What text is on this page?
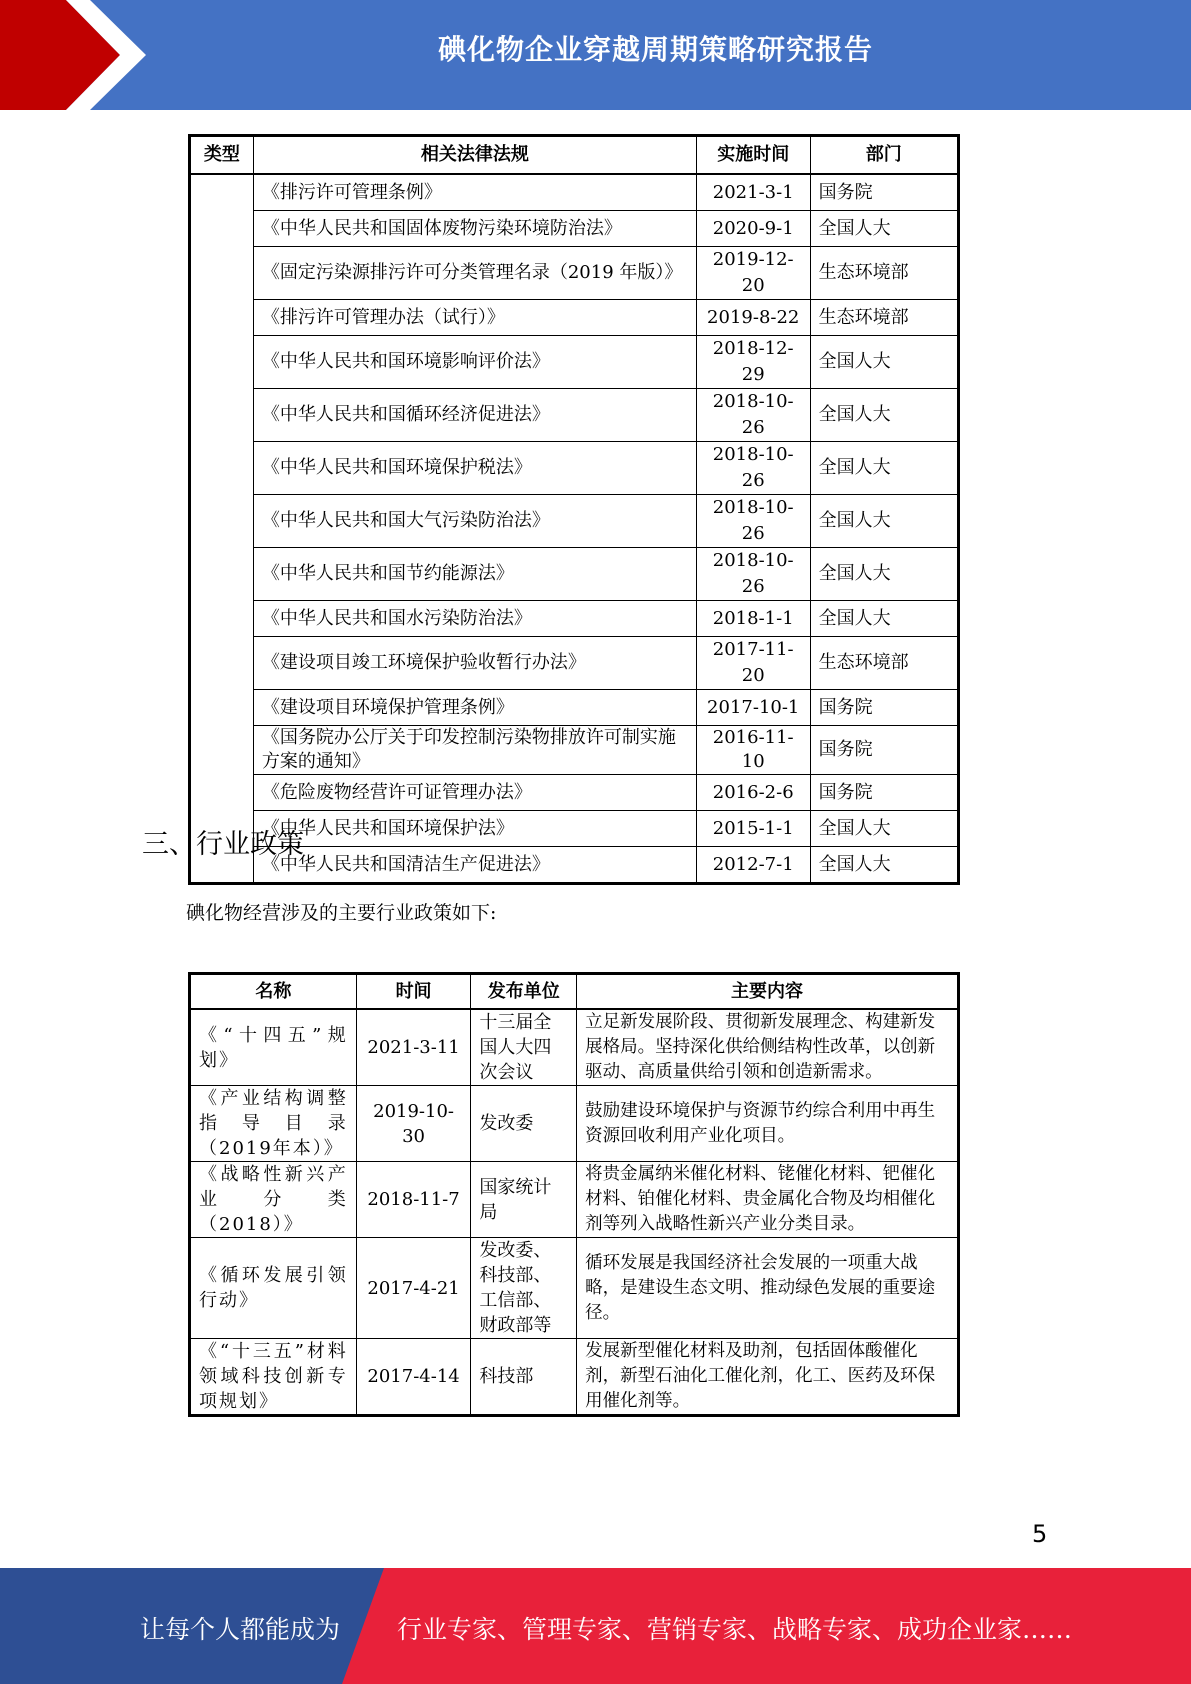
碘化物企业穿越周期策略研究报告
类型	相关法律法规	实施时间	部门
	《排污许可管理条例》	2021-3-1	国务院
	《中华人民共和国固体废物污染环境防治法》	2020-9-1	全国人大
	《固定污染源排污许可分类管理名录（2019 年版）》	2019-12-20	生态环境部
	《排污许可管理办法（试行）》	2019-8-22	生态环境部
	《中华人民共和国环境影响评价法》	2018-12-29	全国人大
	《中华人民共和国循环经济促进法》	2018-10-26	全国人大
	《中华人民共和国环境保护税法》	2018-10-26	全国人大
	《中华人民共和国大气污染防治法》	2018-10-26	全国人大
	《中华人民共和国节约能源法》	2018-10-26	全国人大
	《中华人民共和国水污染防治法》	2018-1-1	全国人大
	《建设项目竣工环境保护验收暂行办法》	2017-11-20	生态环境部
	《建设项目环境保护管理条例》	2017-10-1	国务院
	《国务院办公厅关于印发控制污染物排放许可制实施方案的通知》	2016-11-10	国务院
	《危险废物经营许可证管理办法》	2016-2-6	国务院
	《中华人民共和国环境保护法》	2015-1-1	全国人大
	《中华人民共和国清洁生产促进法》	2012-7-1	全国人大
三、行业政策
碘化物经营涉及的主要行业政策如下:
名称	时间	发布单位	主要内容
《“十四五”规划》	2021-3-11	十三届全国人大四次会议	立足新发展阶段、贯彻新发展理念、构建新发展格局。坚持深化供给侧结构性改革，以创新驱动、高质量供给引领和创造新需求。
《产业结构调整指导目录（2019年本）》	2019-10-30	发改委	鼓励建设环境保护与资源节约综合利用中再生资源回收利用产业化项目。
《战略性新兴产业分类（2018）》	2018-11-7	国家统计局	将贵金属纳米催化材料、铑催化材料、钯催化材料、铂催化材料、贵金属化合物及均相催化剂等列入战略性新兴产业分类目录。
《循环发展引领行动》	2017-4-21	发改委、科技部、工信部、财政部等	循环发展是我国经济社会发展的一项重大战略，是建设生态文明、推动绿色发展的重要途径。
《“十三五”材料领域科技创新专项规划》	2017-4-14	科技部	发展新型催化材料及助剂，包括固体酸催化剂，新型石油化工催化剂，化工、医药及环保用催化剂等。
5
让每个人都能成为 行业专家、管理专家、营销专家、战略专家、成功企业家……
